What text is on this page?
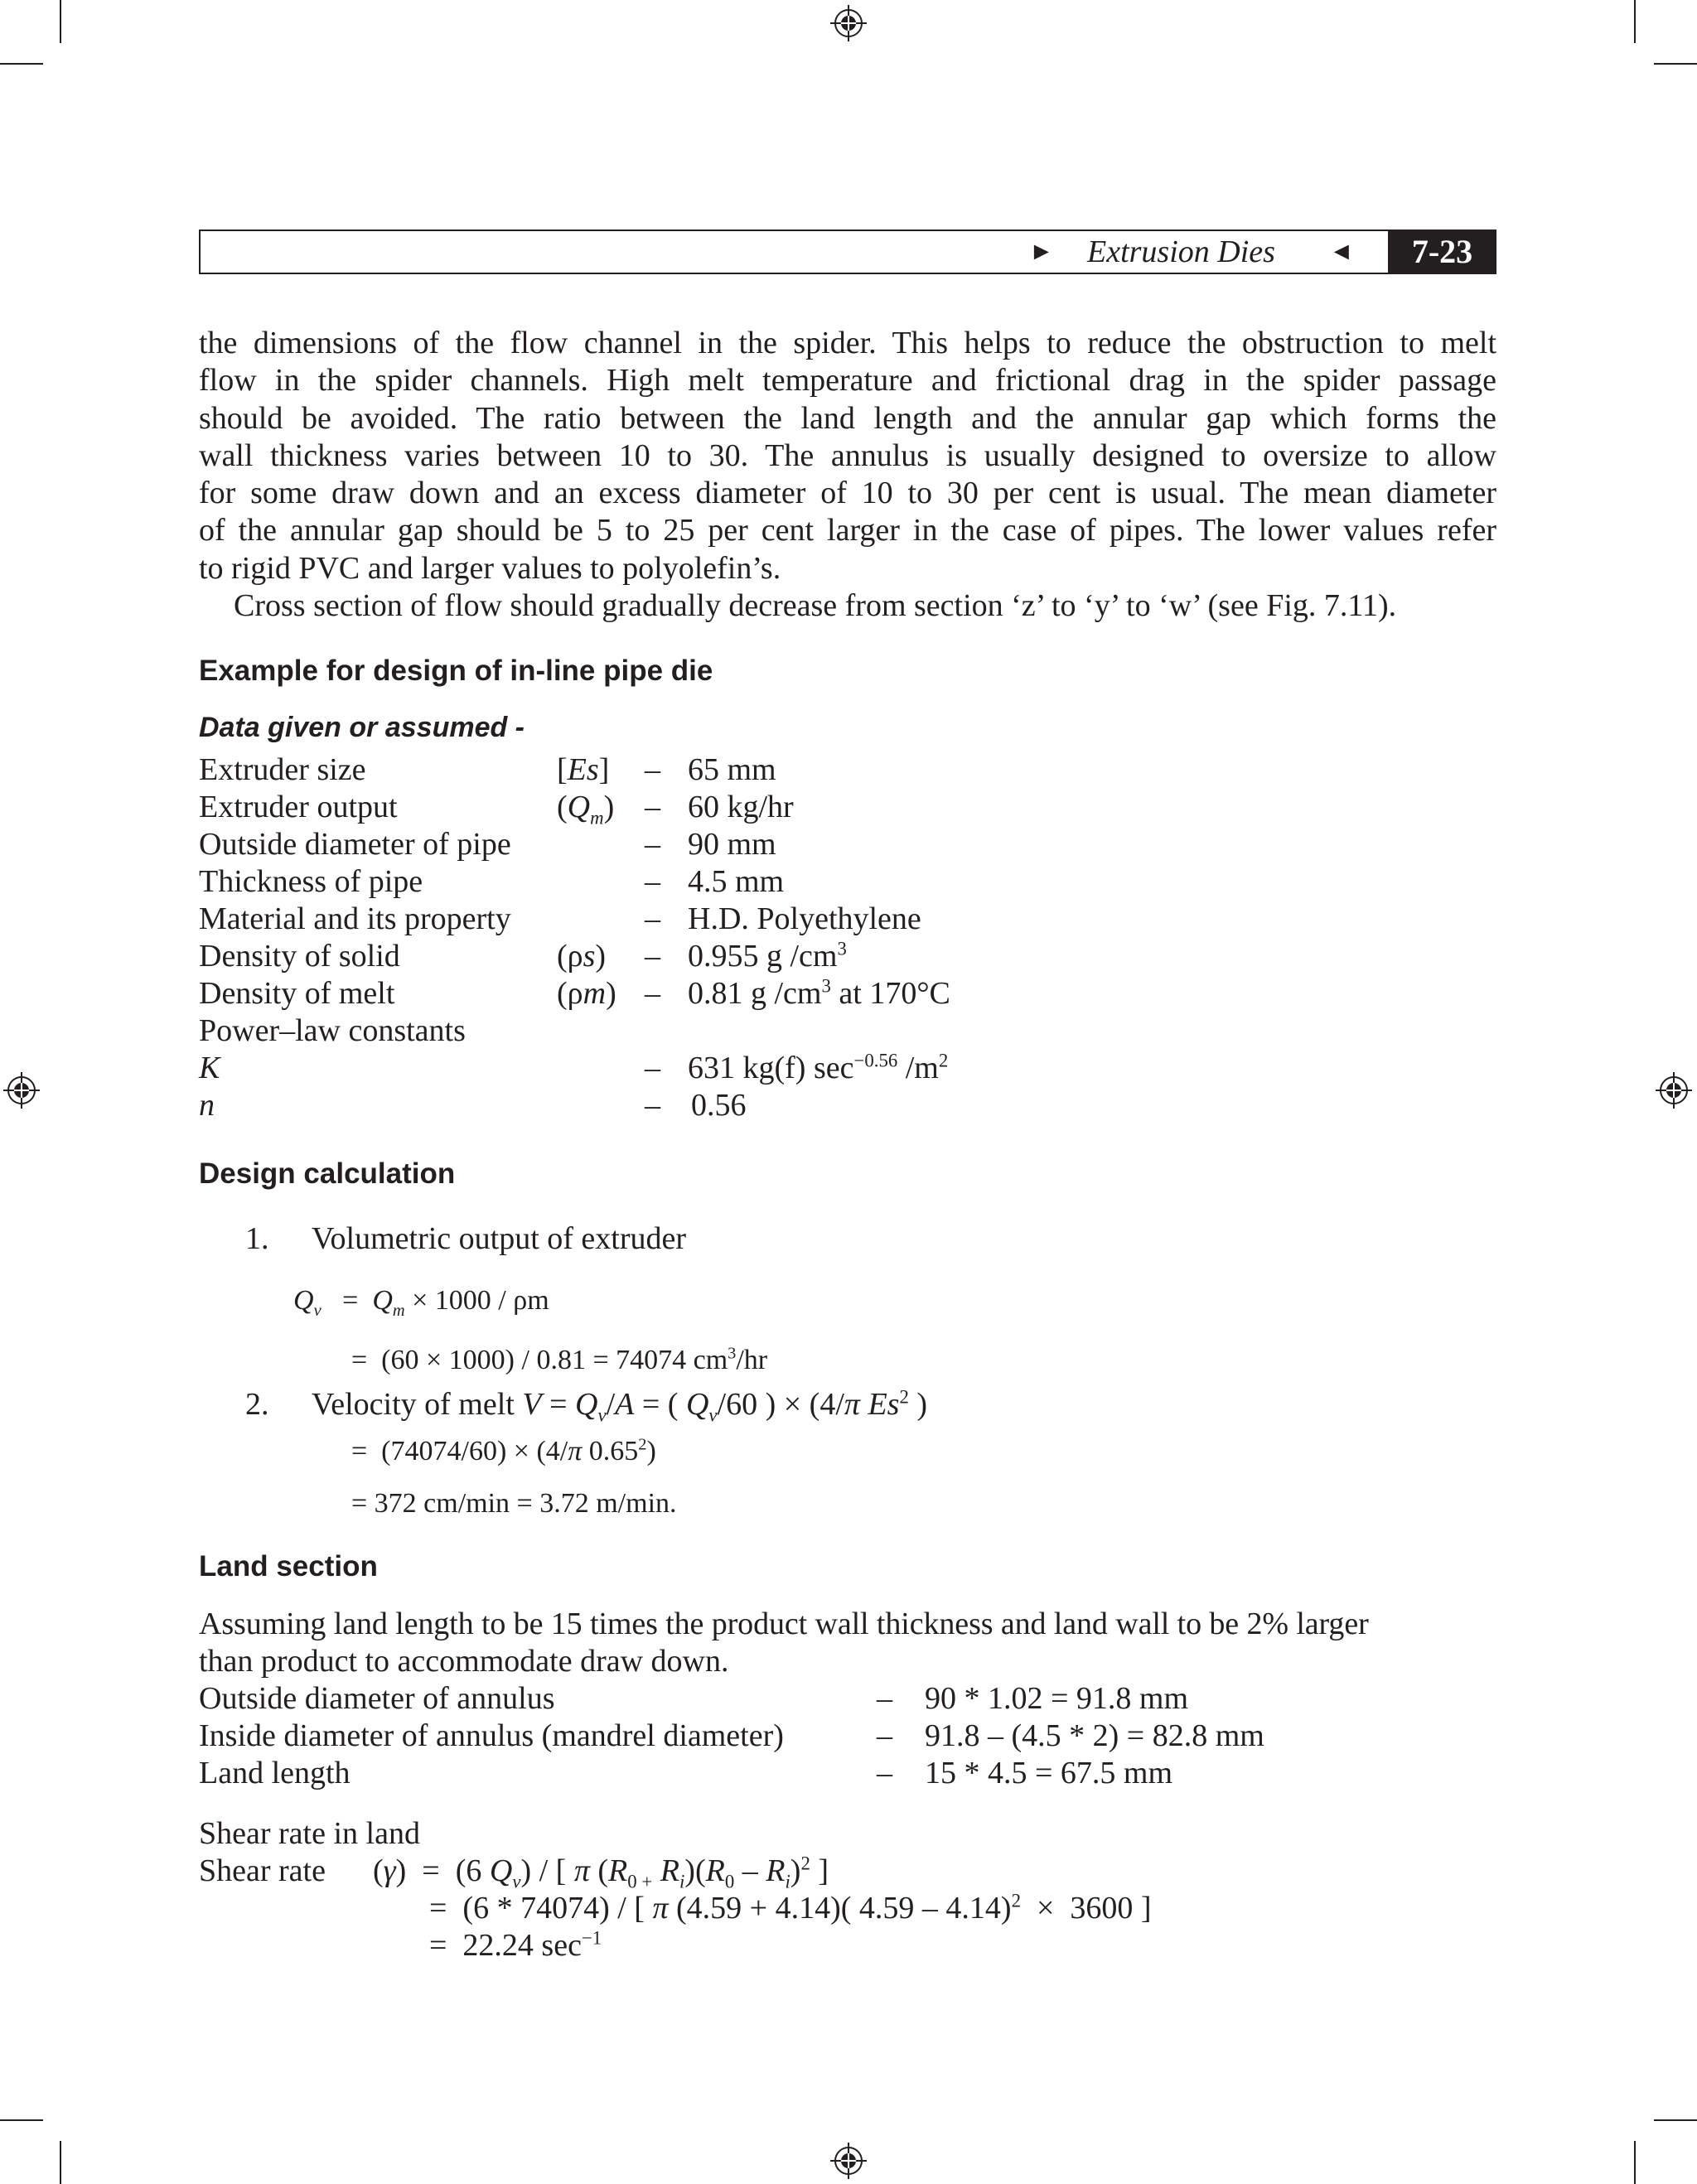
► Extrusion Dies ◄	7-23
the dimensions of the flow channel in the spider. This helps to reduce the obstruction to melt
flow in the spider channels. High melt temperature and frictional drag in the spider passage
should be avoided. The ratio between the land length and the annular gap which forms the
wall thickness varies between 10 to 30. The annulus is usually designed to oversize to allow
for some draw down and an excess diameter of 10 to 30 per cent is usual. The mean diameter
of the annular gap should be 5 to 25 per cent larger in the case of pipes. The lower values refer
to rigid PVC and larger values to polyolefin’s.
Cross section of flow should gradually decrease from section ‘z’ to ‘y’ to ‘w’ (see Fig. 7.11).
Example for design of in-line pipe die
Data given or assumed -
Extruder size	[Es] – 65 mm
Extruder output	$(Q_m) - 60$ kg/hr
Outside diameter of pipe	– 90 mm
Thickness of pipe	– 4.5 mm
Material and its property	– H.D. Polyethylene
Density of solid	(ρs) – 0.955 g $/cm^3$
Density of melt	(ρm) – 0.81 g $/cm^3$ at 170°C
Power–law constants
K	– 631 kg(f) $\sec^{-0.56} /m^2$
n	– 0.56
Design calculation
1. Volumetric output of extruder
$Q_v = Q_m \times 1000 / \rho m$
=  (60 × 1000) / 0.81 = 74074 $cm^3/hr$
2. Velocity of melt $V = Q_v/A$ = ( $Q_v/60$ ) × (4/π Es$^2$ )
=  (74074/60) × (4/π $0.65^2$)
= 372 cm/min = 3.72 m/min.
Land section
Assuming land length to be 15 times the product wall thickness and land wall to be 2% larger
than product to accommodate draw down.
Outside diameter of annulus	– 90 * 1.02 = 91.8 mm
Inside diameter of annulus (mandrel diameter)	– 91.8 – (4.5 * 2) = 82.8 mm
Land length	– 15 * 4.5 = 67.5 mm
Shear rate in land
Shear rate (γ)  =  (6 $Q_v$) / [ π ($R_{0 +}$ $R_i)(R_0 - R_i)^2$ ]
=  (6 * 74074) / [ π (4.59 + 4.14)( 4.59 – 4.14)$^2$  ×  3600 ]
=  22.24 $\sec^{-1}$
